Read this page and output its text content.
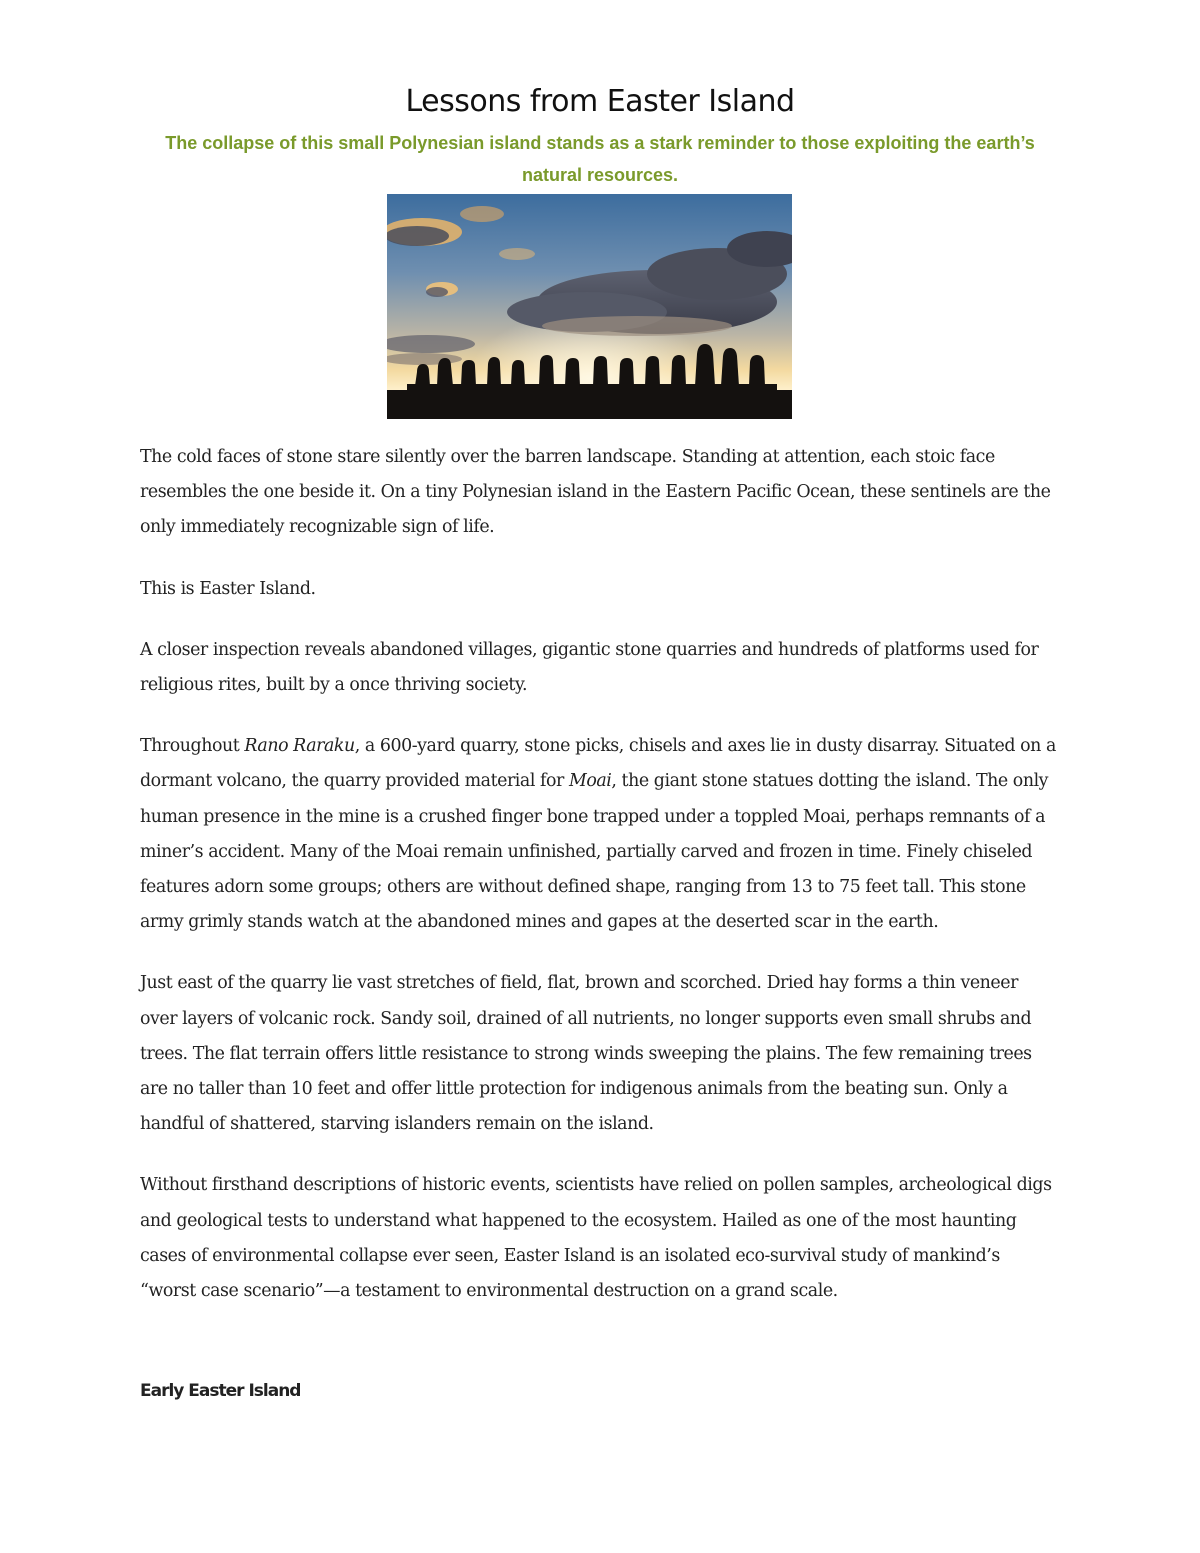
Lessons from Easter Island

The collapse of this small Polynesian island stands as a stark reminder to those exploiting the earth’s natural resources.

The cold faces of stone stare silently over the barren landscape. Standing at attention, each stoic face resembles the one beside it. On a tiny Polynesian island in the Eastern Pacific Ocean, these sentinels are the only immediately recognizable sign of life.

This is Easter Island.

A closer inspection reveals abandoned villages, gigantic stone quarries and hundreds of platforms used for religious rites, built by a once thriving society.

Throughout Rano Raraku, a 600-yard quarry, stone picks, chisels and axes lie in dusty disarray. Situated on a dormant volcano, the quarry provided material for Moai, the giant stone statues dotting the island. The only human presence in the mine is a crushed finger bone trapped under a toppled Moai, perhaps remnants of a miner’s accident. Many of the Moai remain unfinished, partially carved and frozen in time. Finely chiseled features adorn some groups; others are without defined shape, ranging from 13 to 75 feet tall. This stone army grimly stands watch at the abandoned mines and gapes at the deserted scar in the earth.

Just east of the quarry lie vast stretches of field, flat, brown and scorched. Dried hay forms a thin veneer over layers of volcanic rock. Sandy soil, drained of all nutrients, no longer supports even small shrubs and trees. The flat terrain offers little resistance to strong winds sweeping the plains. The few remaining trees are no taller than 10 feet and offer little protection for indigenous animals from the beating sun. Only a handful of shattered, starving islanders remain on the island.

Without firsthand descriptions of historic events, scientists have relied on pollen samples, archeological digs and geological tests to understand what happened to the ecosystem. Hailed as one of the most haunting cases of environmental collapse ever seen, Easter Island is an isolated eco-survival study of mankind’s “worst case scenario”—a testament to environmental destruction on a grand scale.

Early Easter Island
